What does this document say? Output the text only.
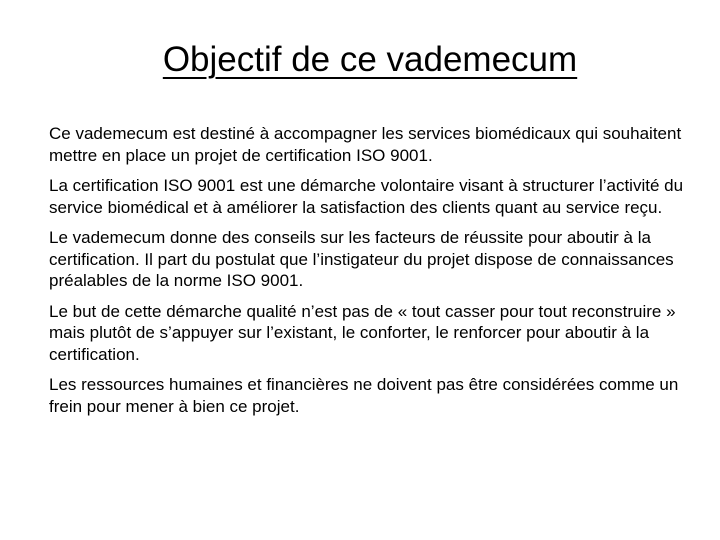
Objectif de ce vademecum

Ce vademecum est destiné à accompagner les services biomédicaux qui souhaitent mettre en place un projet de certification ISO 9001.

La certification ISO 9001 est une démarche volontaire visant à structurer l’activité du service biomédical et à améliorer la satisfaction des clients quant au service reçu.

Le vademecum donne des conseils sur les facteurs de réussite pour aboutir à la certification. Il part du postulat que l’instigateur du projet dispose de connaissances préalables de la norme ISO 9001.

Le but de cette démarche qualité n’est pas de « tout casser pour tout reconstruire » mais plutôt de s’appuyer sur l’existant, le conforter, le renforcer pour aboutir à la certification.

Les ressources humaines et financières ne doivent pas être considérées comme un frein pour mener à bien ce projet.
